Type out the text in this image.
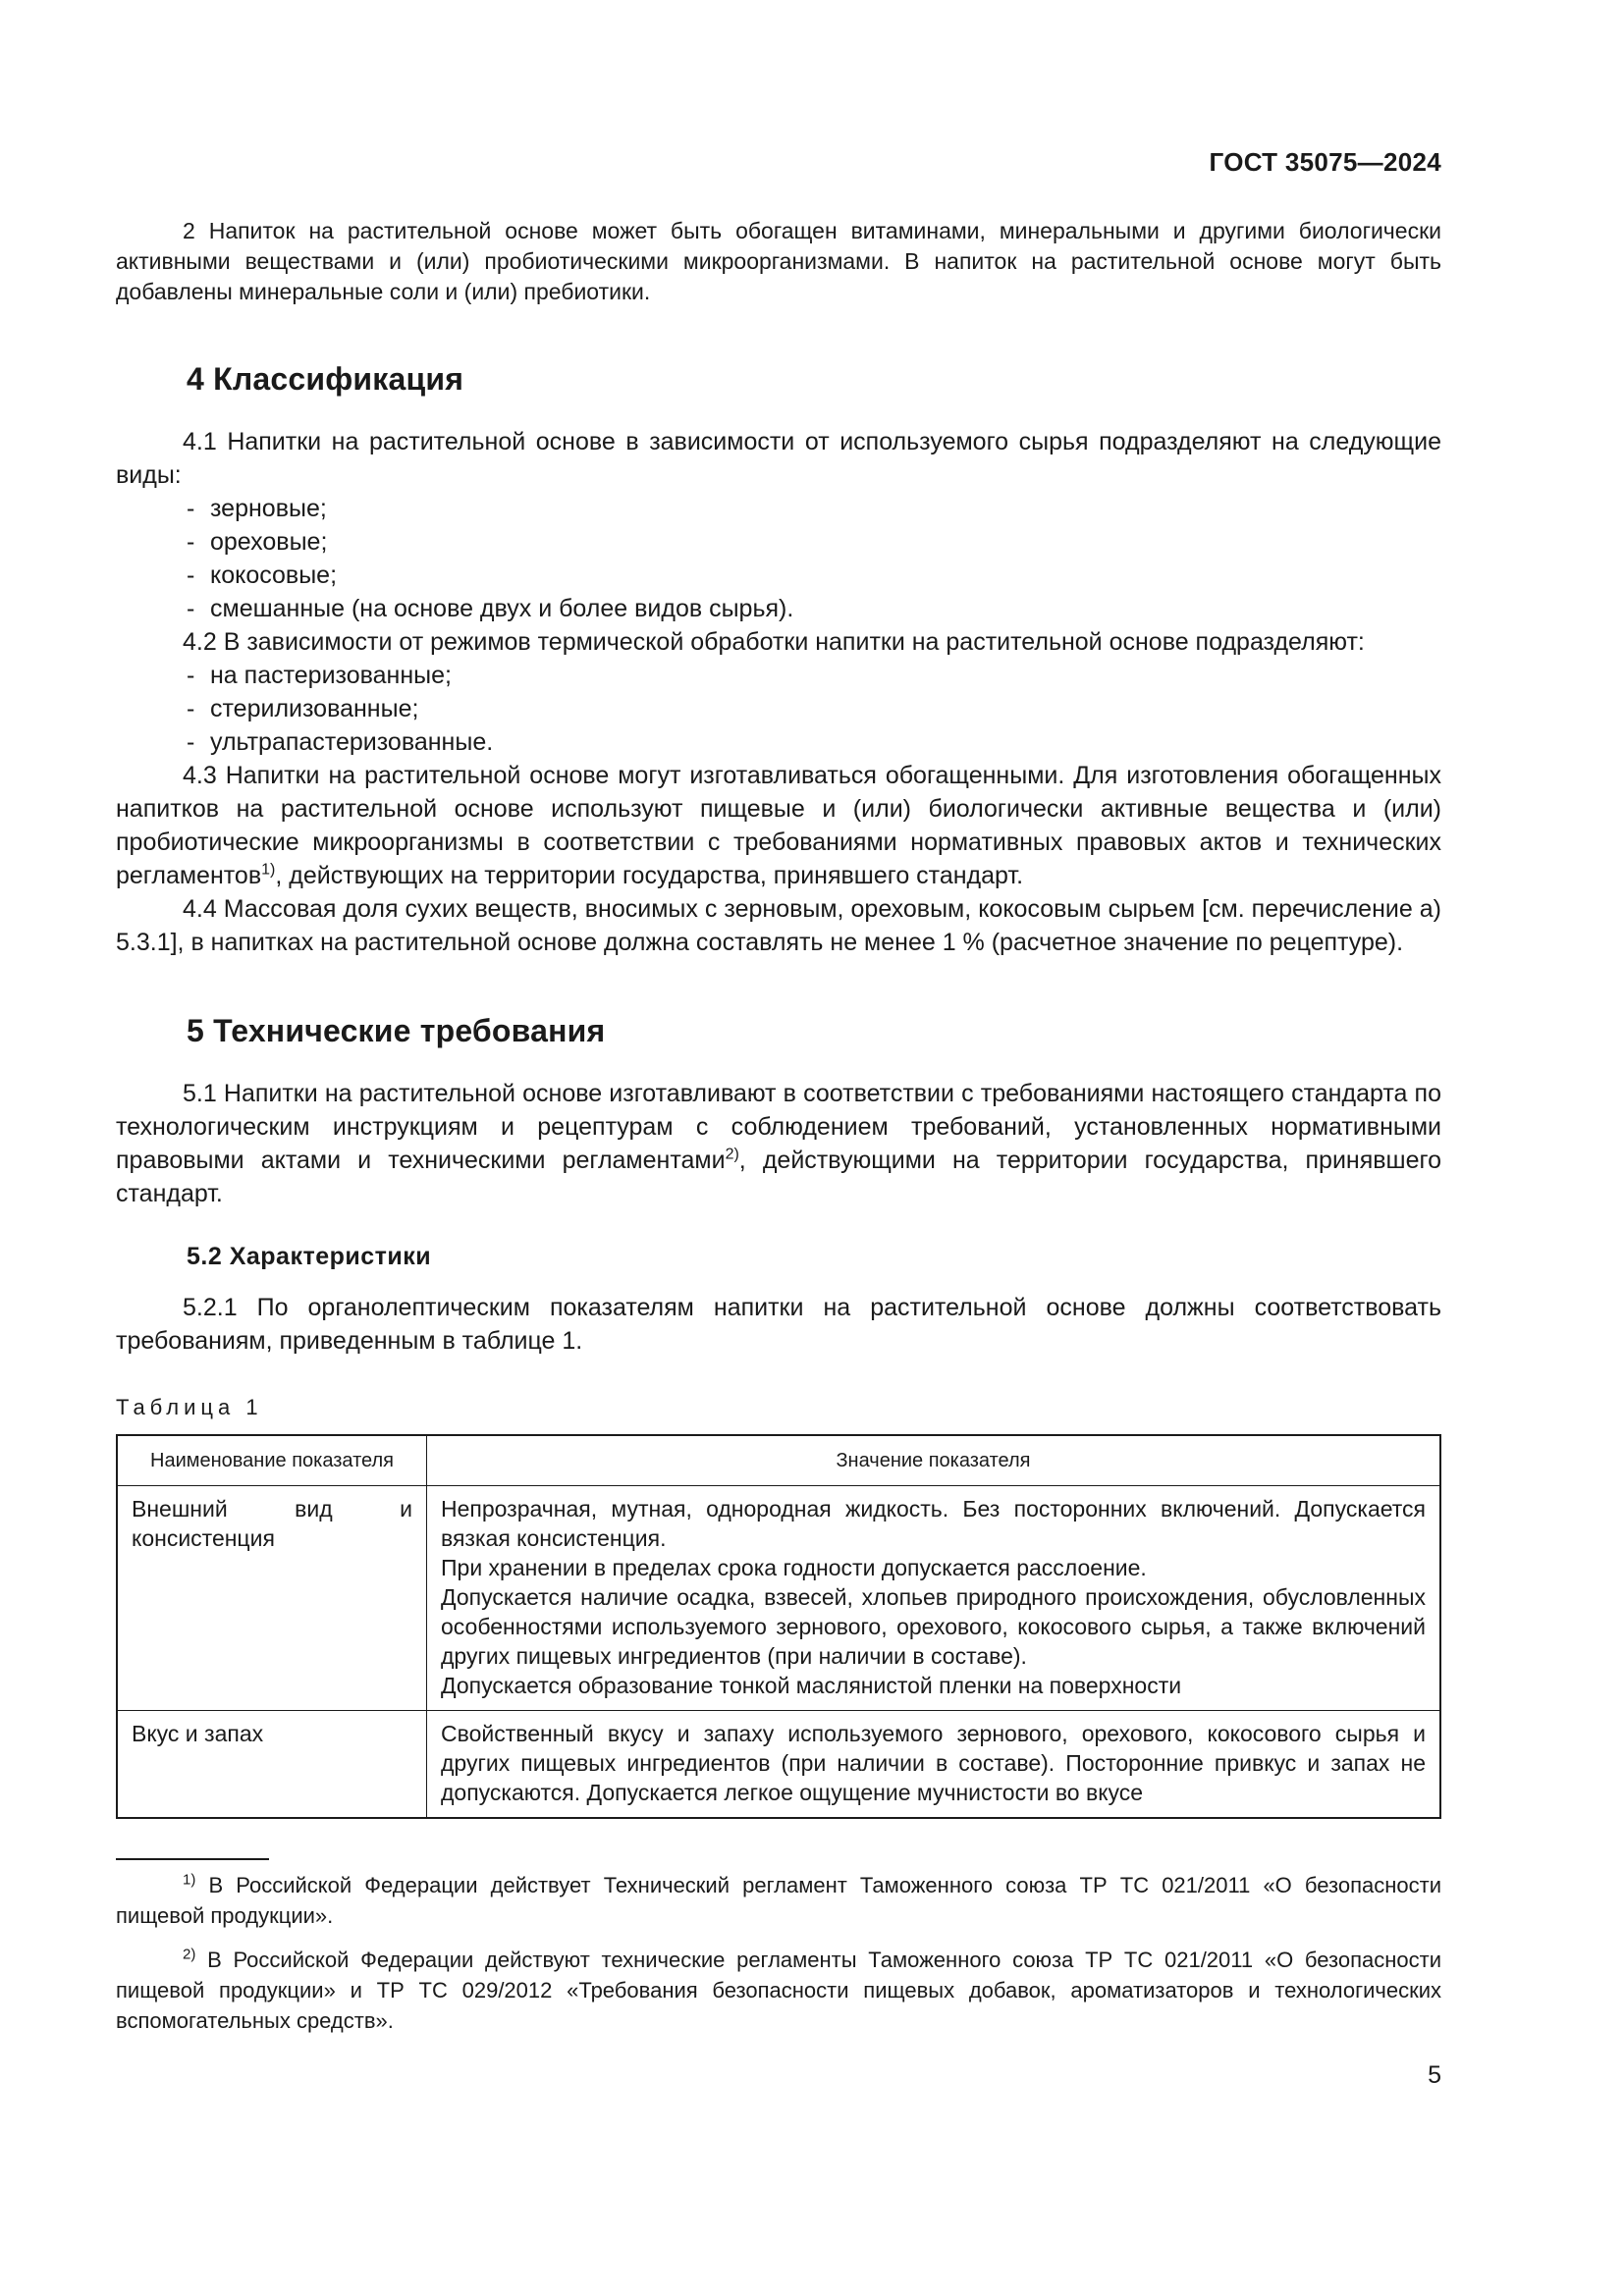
ГОСТ 35075—2024

2 Напиток на растительной основе может быть обогащен витаминами, минеральными и другими биологически активными веществами и (или) пробиотическими микроорганизмами. В напиток на растительной основе могут быть добавлены минеральные соли и (или) пребиотики.

4 Классификация

4.1 Напитки на растительной основе в зависимости от используемого сырья подразделяют на следующие виды:

- зерновые;

- ореховые;

- кокосовые;

- смешанные (на основе двух и более видов сырья).

4.2 В зависимости от режимов термической обработки напитки на растительной основе подразделяют:

- на пастеризованные;

- стерилизованные;

- ультрапастеризованные.

4.3 Напитки на растительной основе могут изготавливаться обогащенными. Для изготовления обогащенных напитков на растительной основе используют пищевые и (или) биологически активные вещества и (или) пробиотические микроорганизмы в соответствии с требованиями нормативных правовых актов и технических регламентов$^{1)}$, действующих на территории государства, принявшего стандарт.

4.4 Массовая доля сухих веществ, вносимых с зерновым, ореховым, кокосовым сырьем [см. перечисление а) 5.3.1], в напитках на растительной основе должна составлять не менее 1 % (расчетное значение по рецептуре).

5 Технические требования

5.1 Напитки на растительной основе изготавливают в соответствии с требованиями настоящего стандарта по технологическим инструкциям и рецептурам с соблюдением требований, установленных нормативными правовыми актами и техническими регламентами$^{2)}$, действующими на территории государства, принявшего стандарт.

5.2 Характеристики

5.2.1 По органолептическим показателям напитки на растительной основе должны соответствовать требованиям, приведенным в таблице 1.

Таблица 1
Наименование показателя	Значение показателя
Внешний вид и консистенция	Непрозрачная, мутная, однородная жидкость. Без посторонних включений. Допускается вязкая консистенция.
При хранении в пределах срока годности допускается расслоение.
Допускается наличие осадка, взвесей, хлопьев природного происхождения, обусловленных особенностями используемого зернового, орехового, кокосового сырья, а также включений других пищевых ингредиентов (при наличии в составе).
Допускается образование тонкой маслянистой пленки на поверхности

Вкус и запах	Свойственный вкусу и запаху используемого зернового, орехового, кокосового сырья и других пищевых ингредиентов (при наличии в составе). Посторонние привкус и запах не допускаются. Допускается легкое ощущение мучнистости во вкусе

$^{1)}$ В Российской Федерации действует Технический регламент Таможенного союза ТР ТС 021/2011 «О безопасности пищевой продукции».

$^{2)}$ В Российской Федерации действуют технические регламенты Таможенного союза ТР ТС 021/2011 «О безопасности пищевой продукции» и ТР ТС 029/2012 «Требования безопасности пищевых добавок, ароматизаторов и технологических вспомогательных средств».

5
